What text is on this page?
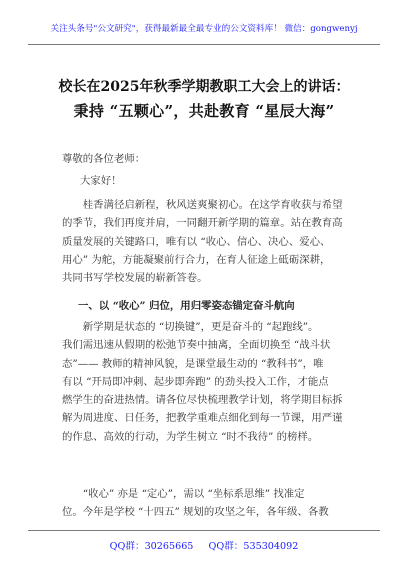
关注头条号"公文研究"，获得最新最全最专业的公文资料库！ 微信：gongwenyj
校长在2025年秋季学期教职工大会上的讲话：
秉持 “五颗心”，共赴教育 “星辰大海”
尊敬的各位老师：
大家好！
　　桂香满径启新程，秋风送爽聚初心。在这学育收获与希望
的季节，我们再度并肩，一同翻开新学期的篇章。站在教育高
质量发展的关键路口，唯有以 “收心、信心、决心、爱心、
用心” 为舵，方能凝聚前行合力，在育人征途上砥砺深耕，
共同书写学校发展的崭新答卷。
一、以 “收心” 归位，用归零姿态锚定奋斗航向
　　新学期是状态的 “切换键”，更是奋斗的 “起跑线”。
我们需迅速从假期的松弛节奏中抽离，全面切换至 “战斗状
态”—— 教师的精神风貌，是课堂最生动的 “教科书”，唯
有以 “开局即冲刺、起步即奔跑” 的劲头投入工作，才能点
燃学生的奋进热情。请各位尽快梳理教学计划，将学期目标拆
解为周进度、日任务，把教学重难点细化到每一节课，用严谨
的作息、高效的行动，为学生树立 “时不我待” 的榜样。
　　“收心” 亦是 “定心”，需以 “坐标系思维” 找准定
位。今年是学校 “十四五” 规划的攻坚之年，各年级、各教
QQ群：30265665 QQ群：535304092
